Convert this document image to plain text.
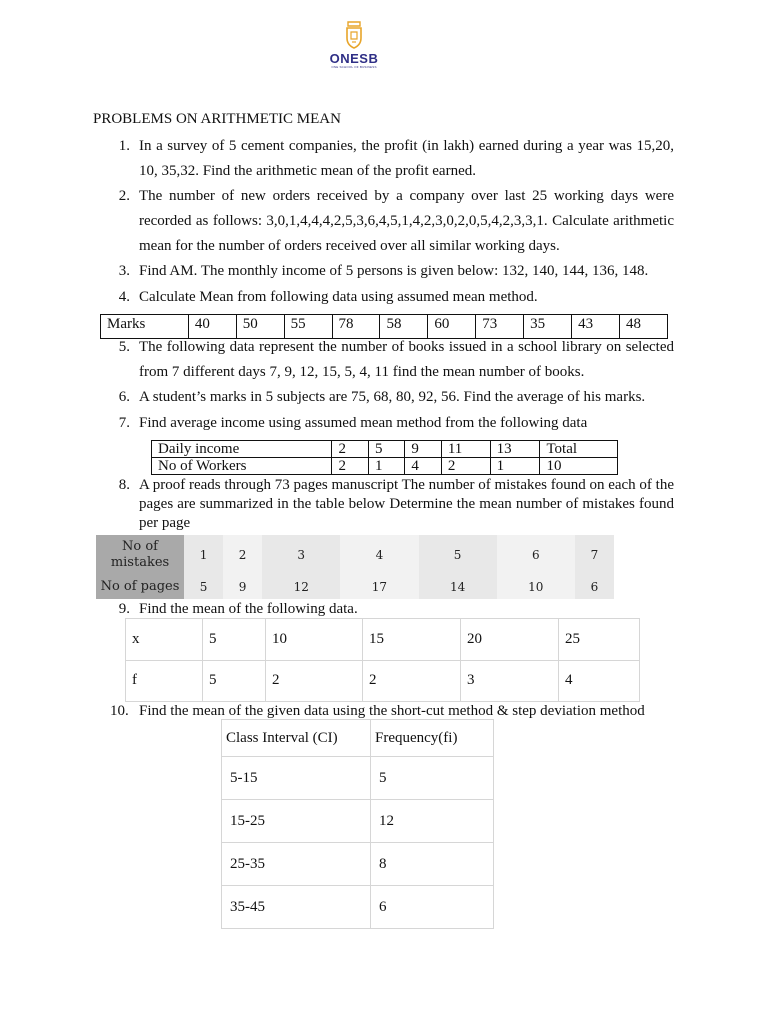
ONESB
ONE SCHOOL OF BUSINESS
PROBLEMS ON ARITHMETIC MEAN
1. In a survey of 5 cement companies, the profit (in lakh) earned during a year was 15,20, 10, 35,32. Find the arithmetic mean of the profit earned.
2. The number of new orders received by a company over last 25 working days were recorded as follows: 3,0,1,4,4,4,2,5,3,6,4,5,1,4,2,3,0,2,0,5,4,2,3,3,1. Calculate arithmetic mean for the number of orders received over all similar working days.
3. Find AM. The monthly income of 5 persons is given below: 132, 140, 144, 136, 148.
4. Calculate Mean from following data using assumed mean method.
Marks	40	50	55	78	58	60	73	35	43	48
5. The following data represent the number of books issued in a school library on selected from 7 different days 7, 9, 12, 15, 5, 4, 11 find the mean number of books.
6. A student’s marks in 5 subjects are 75, 68, 80, 92, 56. Find the average of his marks.
7. Find average income using assumed mean method from the following data
Daily income	2	5	9	11	13	Total
No of Workers	2	1	4	2	1	10
8. A proof reads through 73 pages manuscript The number of mistakes found on each of the pages are summarized in the table below Determine the mean number of mistakes found per page
No of mistakes	1	2	3	4	5	6	7
No of pages	5	9	12	17	14	10	6
9. Find the mean of the following data.
x	5	10	15	20	25
f	5	2	2	3	4
10. Find the mean of the given data using the short-cut method & step deviation method
Class Interval (CI)	Frequency(fi)
5-15	5
15-25	12
25-35	8
35-45	6
